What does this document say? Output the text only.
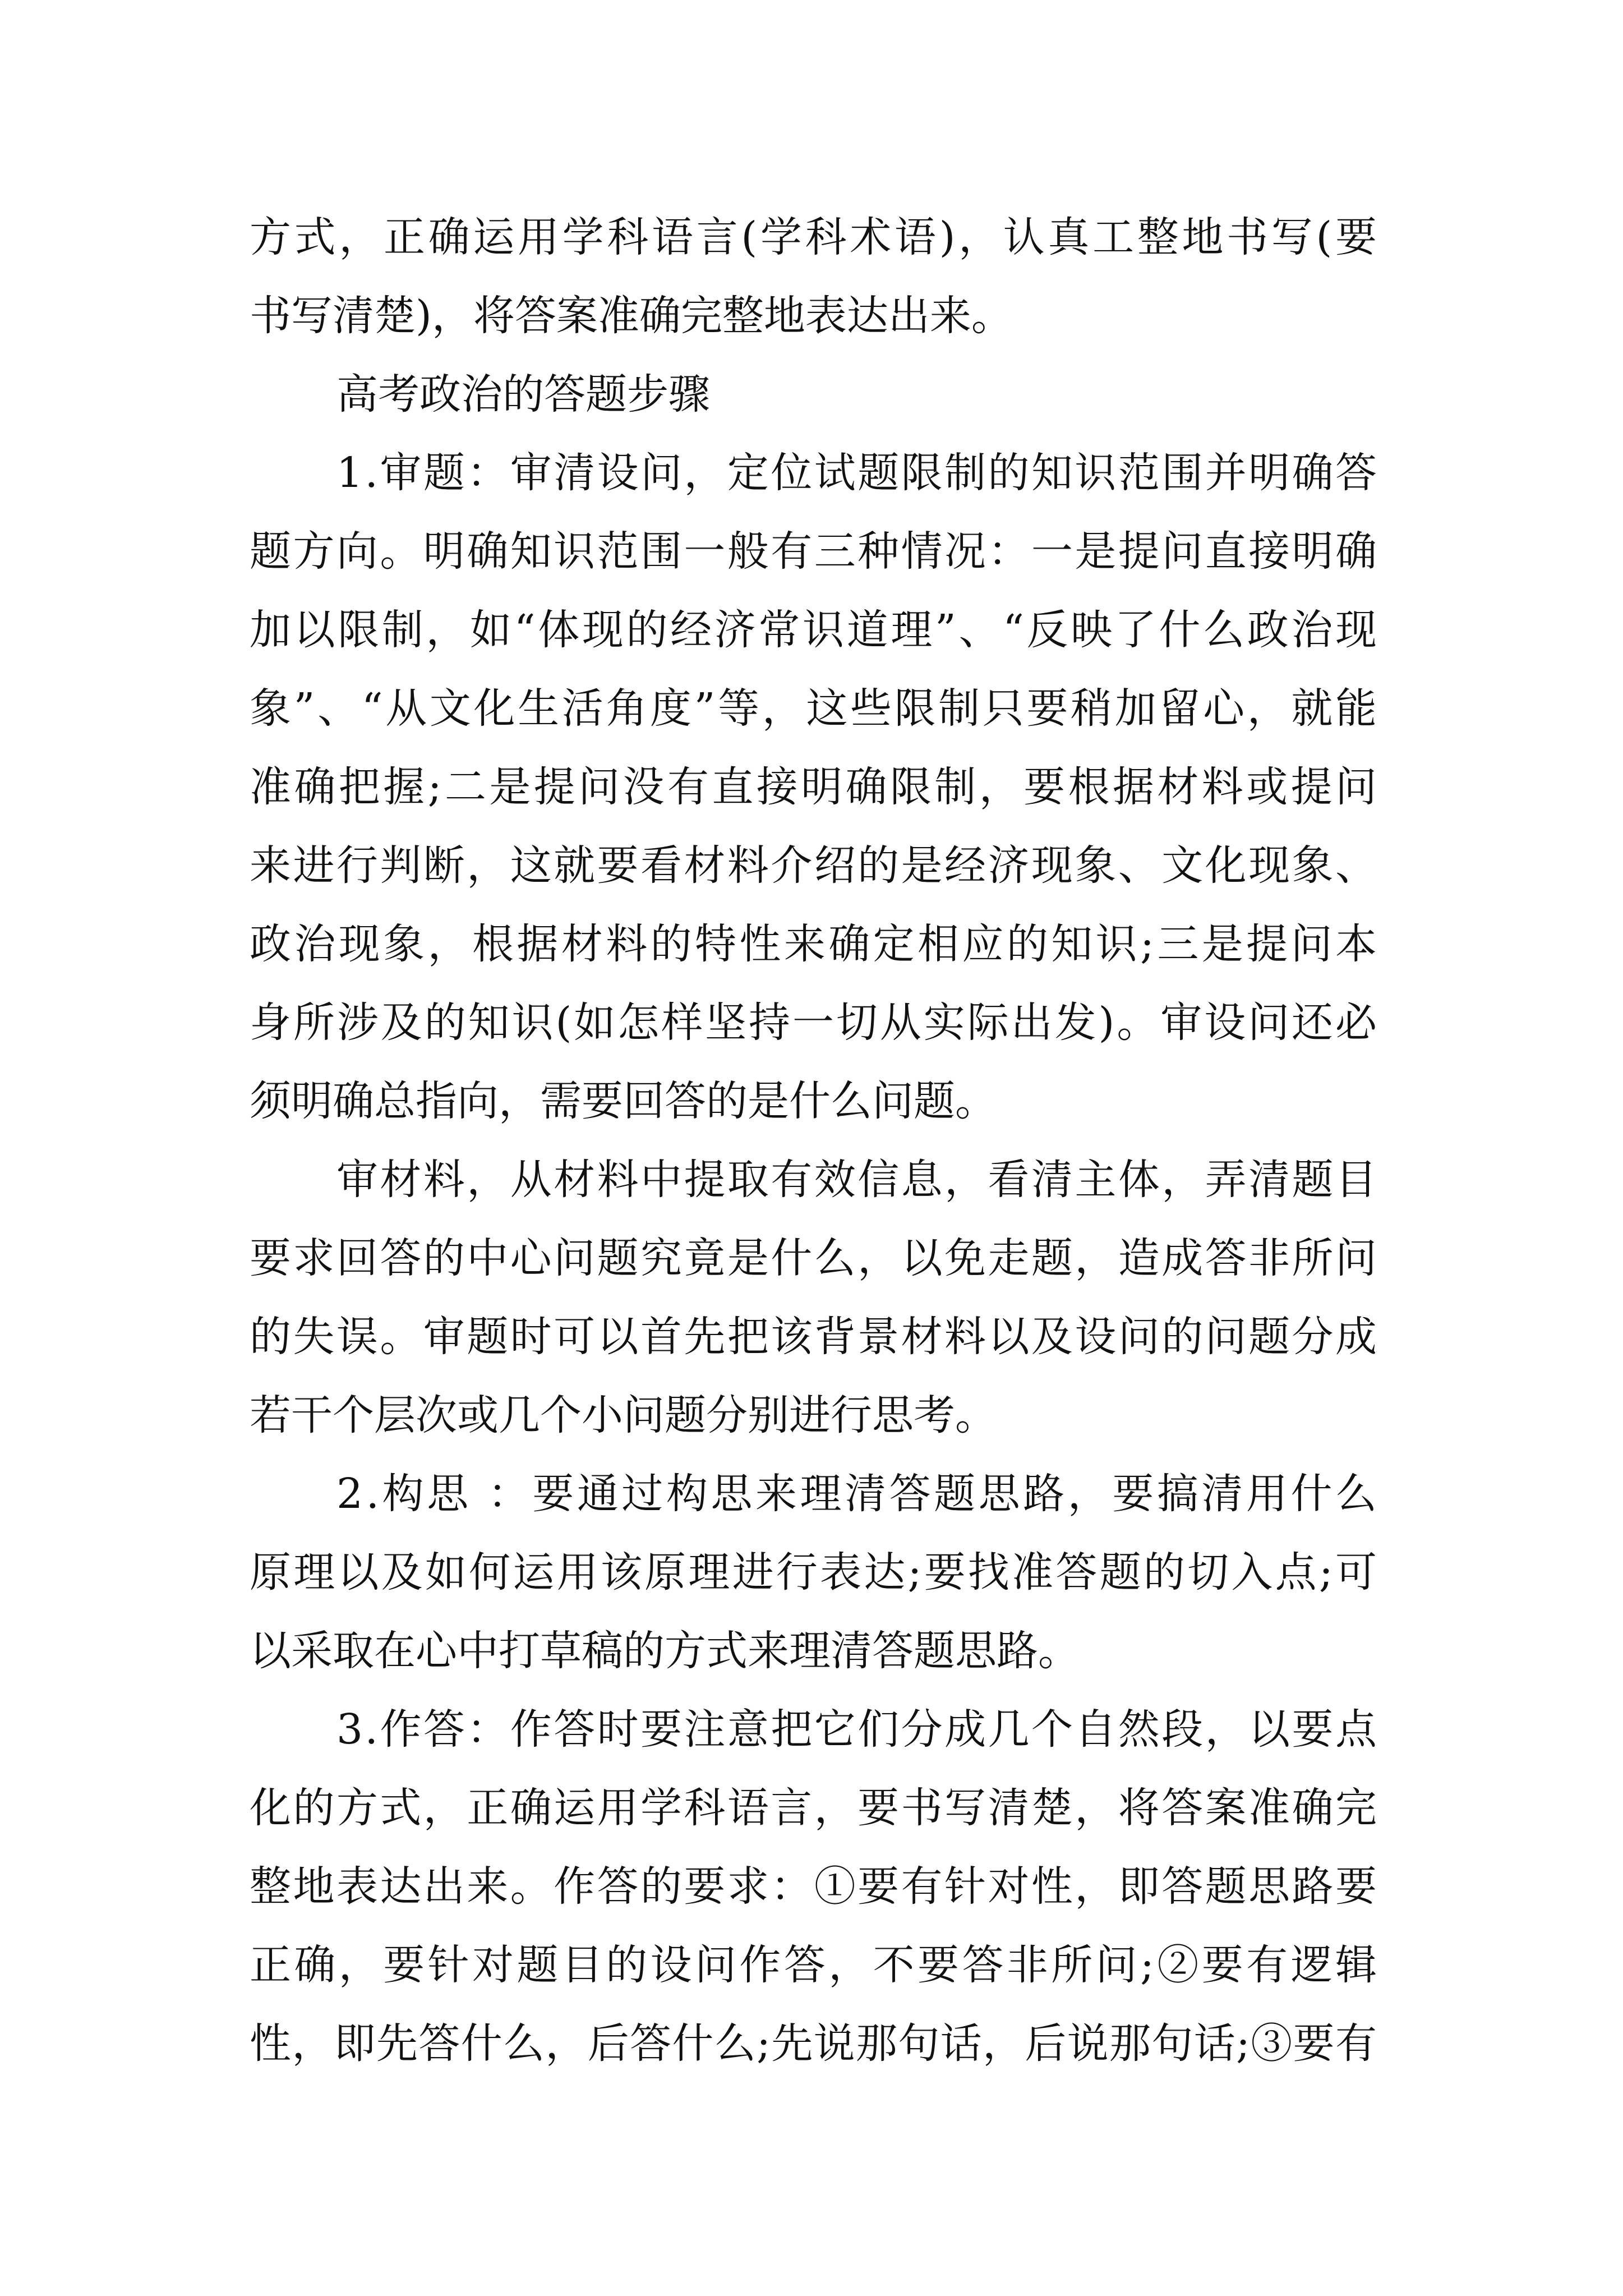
方式，正确运用学科语言(学科术语)，认真工整地书写(要

书写清楚)，将答案准确完整地表达出来。

高考政治的答题步骤

1.审题：审清设问，定位试题限制的知识范围并明确答

题方向。明确知识范围一般有三种情况：一是提问直接明确

加以限制，如“体现的经济常识道理”、“反映了什么政治现

象”、“从文化生活角度”等，这些限制只要稍加留心，就能

准确把握;二是提问没有直接明确限制，要根据材料或提问

来进行判断，这就要看材料介绍的是经济现象、文化现象、

政治现象，根据材料的特性来确定相应的知识;三是提问本

身所涉及的知识(如怎样坚持一切从实际出发)。审设问还必

须明确总指向，需要回答的是什么问题。

审材料，从材料中提取有效信息，看清主体，弄清题目

要求回答的中心问题究竟是什么，以免走题，造成答非所问

的失误。审题时可以首先把该背景材料以及设问的问题分成

若干个层次或几个小问题分别进行思考。

2.构思 ：要通过构思来理清答题思路，要搞清用什么

原理以及如何运用该原理进行表达;要找准答题的切入点;可

以采取在心中打草稿的方式来理清答题思路。

3.作答：作答时要注意把它们分成几个自然段，以要点

化的方式，正确运用学科语言，要书写清楚，将答案准确完

整地表达出来。作答的要求：①要有针对性，即答题思路要

正确，要针对题目的设问作答，不要答非所问;②要有逻辑

性，即先答什么，后答什么;先说那句话，后说那句话;③要有
